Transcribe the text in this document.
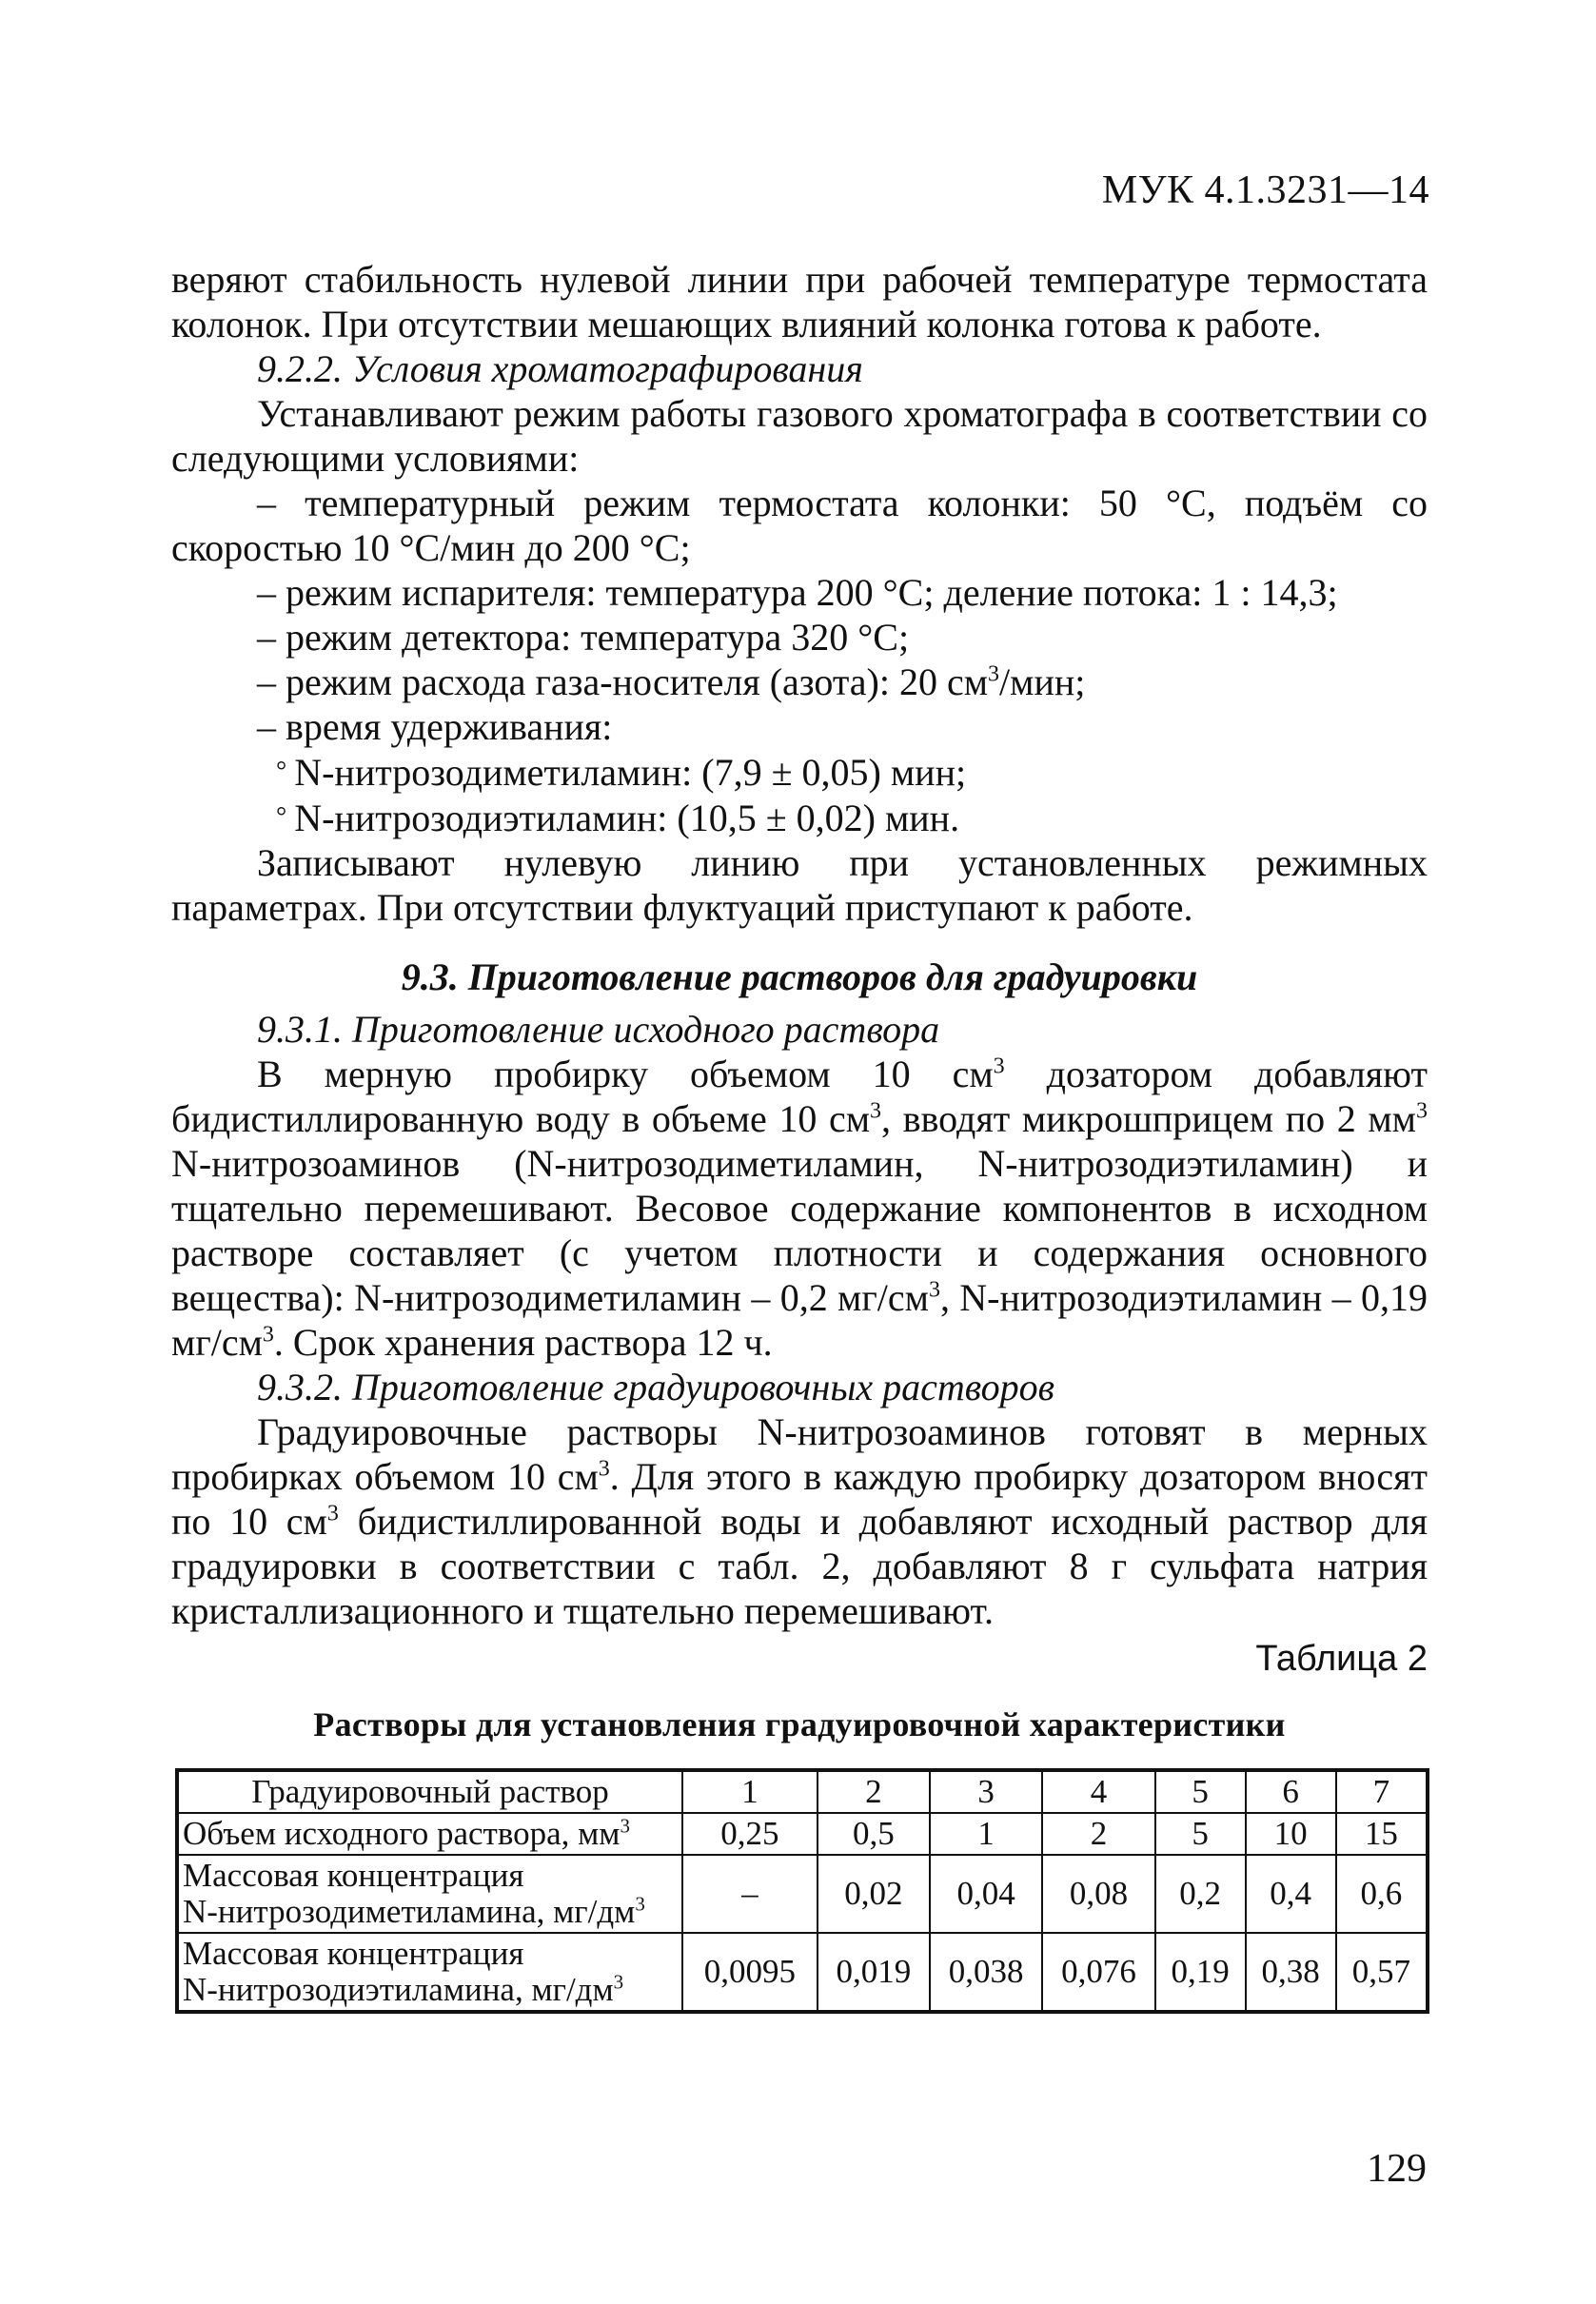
МУК 4.1.3231—14

веряют стабильность нулевой линии при рабочей температуре термостата колонок. При отсутствии мешающих влияний колонка готова к работе.

9.2.2. Условия хроматографирования

Устанавливают режим работы газового хроматографа в соответствии со следующими условиями:

– температурный режим термостата колонки: 50 °С, подъём со скоростью 10 °С/мин до 200 °С;

– режим испарителя: температура 200 °С; деление потока: 1 : 14,3;

– режим детектора: температура 320 °С;

– режим расхода газа-носителя (азота): 20 $см^3$/мин;

– время удерживания:

° N-нитрозодиметиламин: (7,9 ± 0,05) мин;

° N-нитрозодиэтиламин: (10,5 ± 0,02) мин.

Записывают нулевую линию при установленных режимных параметрах. При отсутствии флуктуаций приступают к работе.

9.3. Приготовление растворов для градуировки

9.3.1. Приготовление исходного раствора

В мерную пробирку объемом 10 $см^3$ дозатором добавляют бидистиллированную воду в объеме 10 $см^3$, вводят микрошприцем по 2 $мм^3$ N-нитрозоаминов (N-нитрозодиметиламин, N-нитрозодиэтиламин) и тщательно перемешивают. Весовое содержание компонентов в исходном растворе составляет (с учетом плотности и содержания основного вещества): N-нитрозодиметиламин – 0,2 $мг/см^3$, N-нитрозодиэтиламин – 0,19 $мг/см^3$. Срок хранения раствора 12 ч.

9.3.2. Приготовление градуировочных растворов

Градуировочные растворы N-нитрозоаминов готовят в мерных пробирках объемом 10 $см^3$. Для этого в каждую пробирку дозатором вносят по 10 $см^3$ бидистиллированной воды и добавляют исходный раствор для градуировки в соответствии с табл. 2, добавляют 8 г сульфата натрия кристаллизационного и тщательно перемешивают.

Таблица 2
Растворы для установления градуировочной характеристики
Градуировочный раствор	1	2	3	4	5	6	7
Объем исходного раствора, $мм^3$	0,25	0,5	1	2	5	10	15
Массовая концентрация
N-нитрозодиметиламина, $мг/дм^3$	–	0,02	0,04	0,08	0,2	0,4	0,6
Массовая концентрация
N-нитрозодиэтиламина, $мг/дм^3$	0,0095	0,019	0,038	0,076	0,19	0,38	0,57
129
